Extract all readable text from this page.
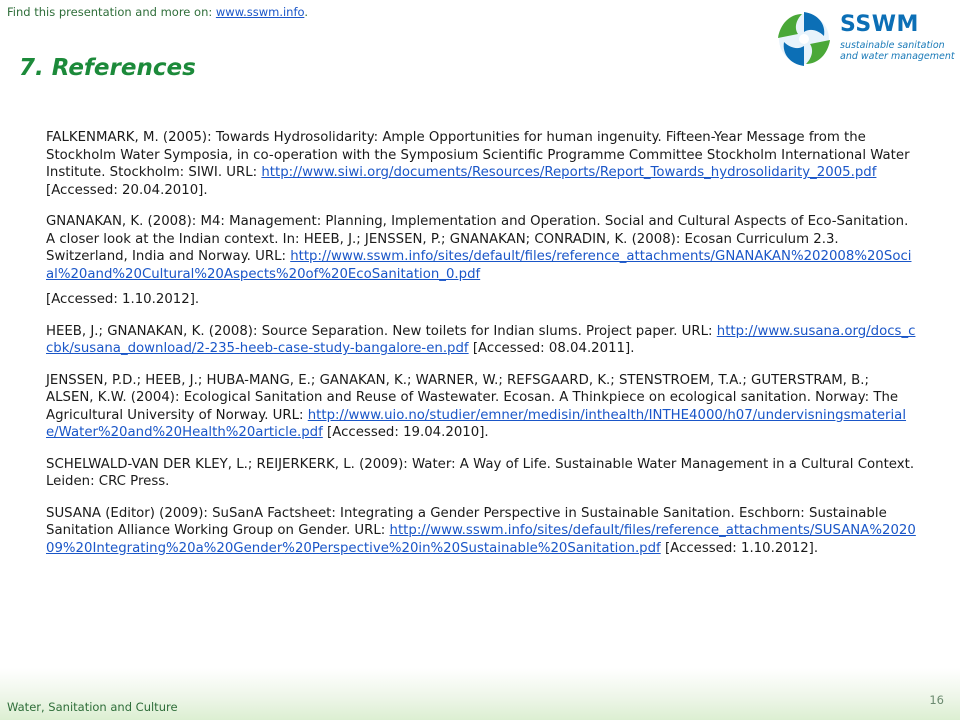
Find this presentation and more on: www.sswm.info.	SSWM
sustainable sanitation and water management
7. References

FALKENMARK, M. (2005): Towards Hydrosolidarity: Ample Opportunities for human ingenuity. Fifteen-Year Message from the Stockholm Water Symposia, in co-operation with the Symposium Scientific Programme Committee Stockholm International Water Institute. Stockholm: SIWI. URL: http://www.siwi.org/documents/Resources/Reports/Report_Towards_hydrosolidarity_2005.pdf [Accessed: 20.04.2010].

GNANAKAN, K. (2008): M4: Management: Planning, Implementation and Operation. Social and Cultural Aspects of Eco-Sanitation. A closer look at the Indian context. In: HEEB, J.; JENSSEN, P.; GNANAKAN; CONRADIN, K. (2008): Ecosan Curriculum 2.3. Switzerland, India and Norway. URL: http://www.sswm.info/sites/default/files/reference_attachments/GNANAKAN%202008%20Social%20and%20Cultural%20Aspects%20of%20EcoSanitation_0.pdf
[Accessed: 1.10.2012].

HEEB, J.; GNANAKAN, K. (2008): Source Separation. New toilets for Indian slums. Project paper. URL: http://www.susana.org/docs_ccbk/susana_download/2-235-heeb-case-study-bangalore-en.pdf [Accessed: 08.04.2011].

JENSSEN, P.D.; HEEB, J.; HUBA-MANG, E.; GANAKAN, K.; WARNER, W.; REFSGAARD, K.; STENSTROEM, T.A.; GUTERSTRAM, B.; ALSEN, K.W. (2004): Ecological Sanitation and Reuse of Wastewater. Ecosan. A Thinkpiece on ecological sanitation. Norway: The Agricultural University of Norway. URL: http://www.uio.no/studier/emner/medisin/inthealth/INTHE4000/h07/undervisningsmateriale/Water%20and%20Health%20article.pdf [Accessed: 19.04.2010].

SCHELWALD-VAN DER KLEY, L.; REIJERKERK, L. (2009): Water: A Way of Life. Sustainable Water Management in a Cultural Context. Leiden: CRC Press.

SUSANA (Editor) (2009): SuSanA Factsheet: Integrating a Gender Perspective in Sustainable Sanitation. Eschborn: Sustainable Sanitation Alliance Working Group on Gender. URL: http://www.sswm.info/sites/default/files/reference_attachments/SUSANA%202009%20Integrating%20a%20Gender%20Perspective%20in%20Sustainable%20Sanitation.pdf [Accessed: 1.10.2012].

Water, Sanitation and Culture	16
